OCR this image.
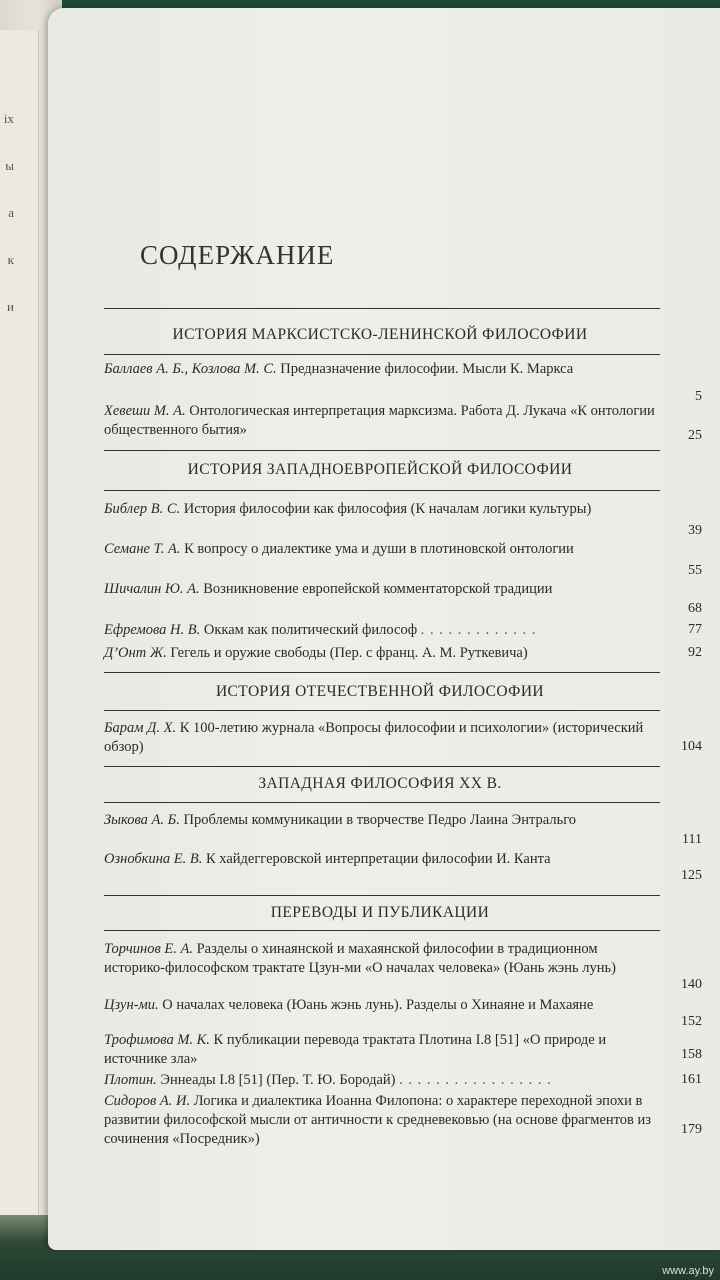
ix
ы
а
к
и
СОДЕРЖАНИЕ
ИСТОРИЯ МАРКСИСТСКО-ЛЕНИНСКОЙ ФИЛОСОФИИ
Баллаев А. Б., Козлова М. С. Предназначение философии. Мысли К. Маркса
5
Хевеши М. А. Онтологическая интерпретация марксизма. Работа Д. Лукача «К онтологии общественного бытия»	25
ИСТОРИЯ ЗАПАДНОЕВРОПЕЙСКОЙ ФИЛОСОФИИ
Библер В. С. История философии как философия (К началам логики культуры)
39
Семане Т. А. К вопросу о диалектике ума и души в плотиновской онтологии
55
Шичалин Ю. А. Возникновение европейской комментаторской традиции
68
Ефремова Н. В. Оккам как политический философ . . . . . . . . . . . . .	77
Д’Онт Ж. Гегель и оружие свободы (Пер. с франц. А. М. Руткевича)	92
ИСТОРИЯ ОТЕЧЕСТВЕННОЙ ФИЛОСОФИИ
Барам Д. Х. К 100-летию журнала «Вопросы философии и психологии» (исторический обзор)	104
ЗАПАДНАЯ ФИЛОСОФИЯ XX В.
Зыкова А. Б. Проблемы коммуникации в творчестве Педро Лаина Энтральго
111
Ознобкина Е. В. К хайдеггеровской интерпретации философии И. Канта
125
ПЕРЕВОДЫ И ПУБЛИКАЦИИ
Торчинов Е. А. Разделы о хинаянской и махаянской философии в традиционном историко-философском трактате Цзун-ми «О началах человека» (Юань жэнь лунь)
140
Цзун-ми. О началах человека (Юань жэнь лунь). Разделы о Хинаяне и Махаяне
152
Трофимова М. К. К публикации перевода трактата Плотина I.8 [51] «О природе и источнике зла»	158
Плотин. Эннеады I.8 [51] (Пер. Т. Ю. Бородай) . . . . . . . . . . . . . . . . .	161
Сидоров А. И. Логика и диалектика Иоанна Филопона: о характере переходной эпохи в развитии философской мысли от античности к средневековью (на основе фрагментов из сочинения «Посредник»)
179
www.ay.by
